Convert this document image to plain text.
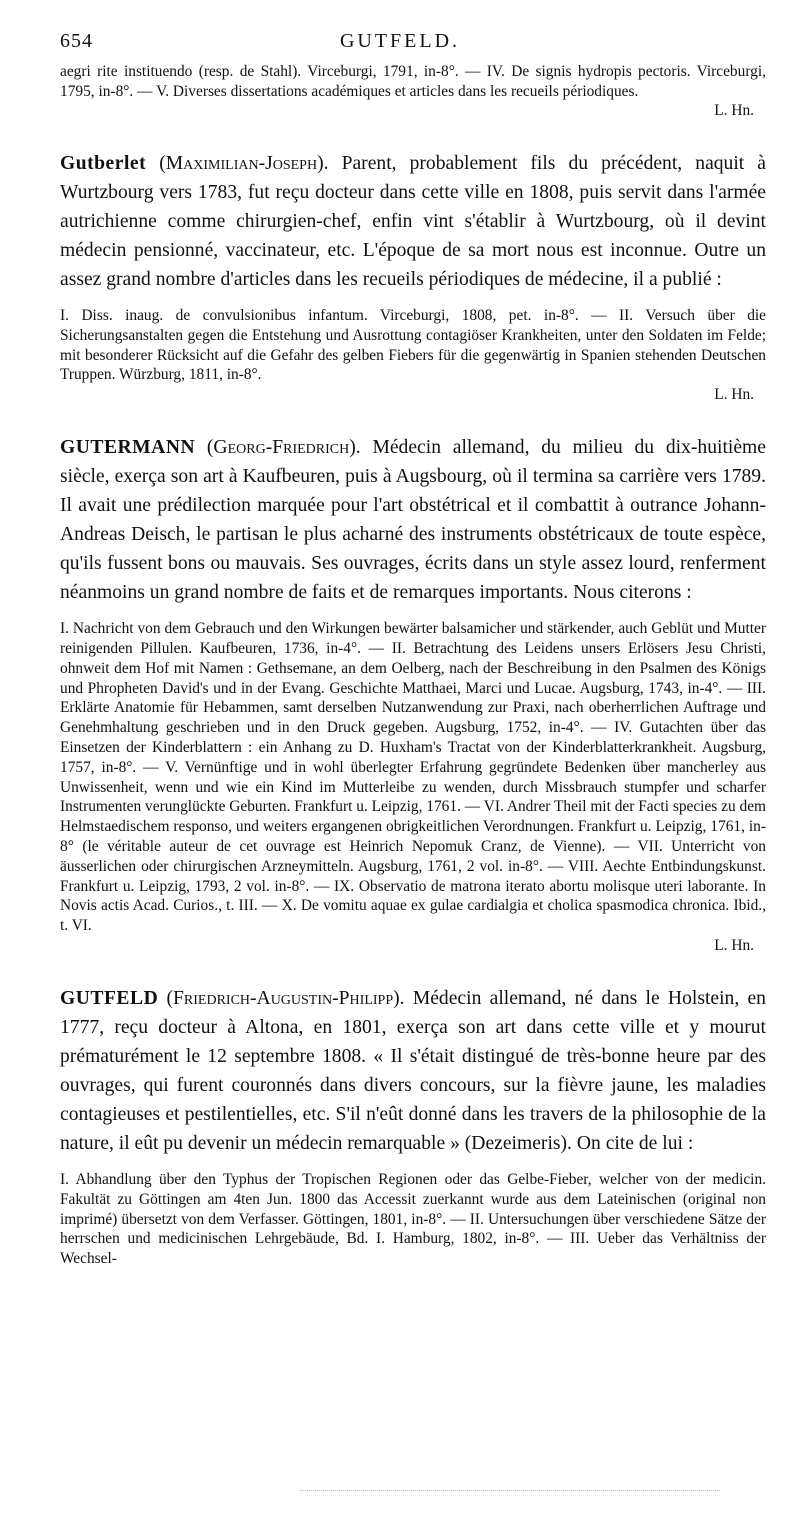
654	GUTFELD.

aegri rite instituendo (resp. de Stahl). Virceburgi, 1791, in-8°. — IV. De signis hydropis pectoris. Virceburgi, 1795, in-8°. — V. Diverses dissertations académiques et articles dans les recueils périodiques.

L. Hn.

Gutberlet (Maximilian-Joseph). Parent, probablement fils du précédent, naquit à Wurtzbourg vers 1783, fut reçu docteur dans cette ville en 1808, puis servit dans l'armée autrichienne comme chirurgien-chef, enfin vint s'établir à Wurtzbourg, où il devint médecin pensionné, vaccinateur, etc. L'époque de sa mort nous est inconnue. Outre un assez grand nombre d'articles dans les recueils périodiques de médecine, il a publié :

I. Diss. inaug. de convulsionibus infantum. Virceburgi, 1808, pet. in-8°. — II. Versuch über die Sicherungsanstalten gegen die Entstehung und Ausrottung contagiöser Krankheiten, unter den Soldaten im Felde; mit besonderer Rücksicht auf die Gefahr des gelben Fiebers für die gegenwärtig in Spanien stehenden Deutschen Truppen. Würzburg, 1811, in-8°.

L. Hn.

GUTERMANN (Georg-Friedrich). Médecin allemand, du milieu du dix-huitième siècle, exerça son art à Kaufbeuren, puis à Augsbourg, où il termina sa carrière vers 1789. Il avait une prédilection marquée pour l'art obstétrical et il combattit à outrance Johann-Andreas Deisch, le partisan le plus acharné des instruments obstétricaux de toute espèce, qu'ils fussent bons ou mauvais. Ses ouvrages, écrits dans un style assez lourd, renferment néanmoins un grand nombre de faits et de remarques importants. Nous citerons :

I. Nachricht von dem Gebrauch und den Wirkungen bewärter balsamicher und stärkender, auch Geblüt und Mutter reinigenden Pillulen. Kaufbeuren, 1736, in-4°. — II. Betrachtung des Leidens unsers Erlösers Jesu Christi, ohnweit dem Hof mit Namen : Gethsemane, an dem Oelberg, nach der Beschreibung in den Psalmen des Königs und Phropheten David's und in der Evang. Geschichte Matthaei, Marci und Lucae. Augsburg, 1743, in-4°. — III. Erklärte Anatomie für Hebammen, samt derselben Nutzanwendung zur Praxi, nach oberherrlichen Auftrage und Genehmhaltung geschrieben und in den Druck gegeben. Augsburg, 1752, in-4°. — IV. Gutachten über das Einsetzen der Kinderblattern : ein Anhang zu D. Huxham's Tractat von der Kinderblatterkrankheit. Augsburg, 1757, in-8°. — V. Vernünftige und in wohl überlegter Erfahrung gegründete Bedenken über mancherley aus Unwissenheit, wenn und wie ein Kind im Mutterleibe zu wenden, durch Missbrauch stumpfer und scharfer Instrumenten verunglückte Geburten. Frankfurt u. Leipzig, 1761. — VI. Andrer Theil mit der Facti species zu dem Helmstaedischem responso, und weiters ergangenen obrigkeitlichen Verordnungen. Frankfurt u. Leipzig, 1761, in-8° (le véritable auteur de cet ouvrage est Heinrich Nepomuk Cranz, de Vienne). — VII. Unterricht von äusserlichen oder chirurgischen Arzneymitteln. Augsburg, 1761, 2 vol. in-8°. — VIII. Aechte Entbindungskunst. Frankfurt u. Leipzig, 1793, 2 vol. in-8°. — IX. Observatio de matrona iterato abortu molisque uteri laborante. In Novis actis Acad. Curios., t. III. — X. De vomitu aquae ex gulae cardialgia et cholica spasmodica chronica. Ibid., t. VI.

L. Hn.

GUTFELD (Friedrich-Augustin-Philipp). Médecin allemand, né dans le Holstein, en 1777, reçu docteur à Altona, en 1801, exerça son art dans cette ville et y mourut prématurément le 12 septembre 1808. « Il s'était distingué de très-bonne heure par des ouvrages, qui furent couronnés dans divers concours, sur la fièvre jaune, les maladies contagieuses et pestilentielles, etc. S'il n'eût donné dans les travers de la philosophie de la nature, il eût pu devenir un médecin remarquable » (Dezeimeris). On cite de lui :

I. Abhandlung über den Typhus der Tropischen Regionen oder das Gelbe-Fieber, welcher von der medicin. Fakultät zu Göttingen am 4ten Jun. 1800 das Accessit zuerkannt wurde aus dem Lateinischen (original non imprimé) übersetzt von dem Verfasser. Göttingen, 1801, in-8°. — II. Untersuchungen über verschiedene Sätze der herrschen und medicinischen Lehrgebäude, Bd. I. Hamburg, 1802, in-8°. — III. Ueber das Verhältniss der Wechsel-
